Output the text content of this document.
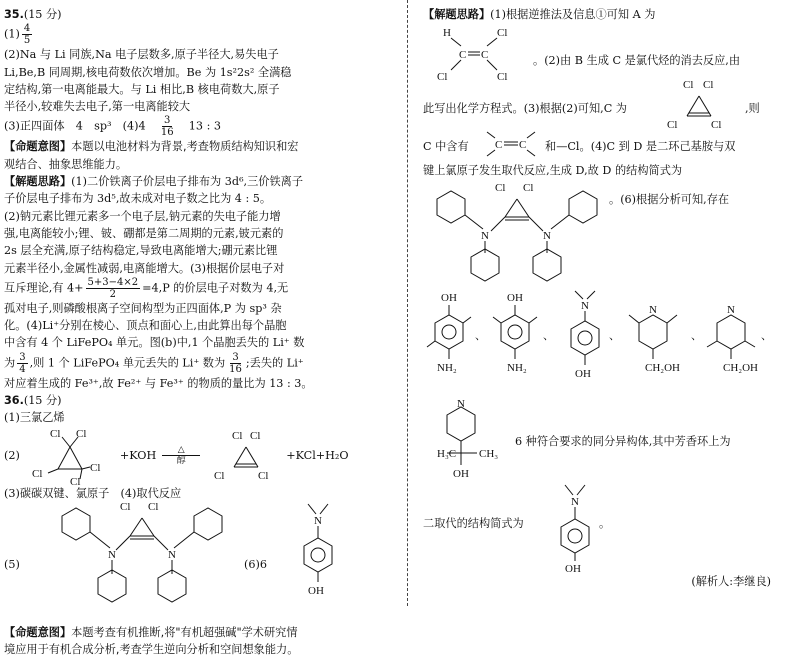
35.(15 分)

$(1) \frac{4}{5}$

(2)Na 与 Li 同族,Na 电子层数多,原子半径大,易失电子

Li,Be,B 同周期,核电荷数依次增加。Be 为 1s²2s² 全满稳

定结构,第一电离能最大。与 Li 相比,B 核电荷数大,原子

半径小,较难失去电子,第一电离能较大

(3)正四面体　4　sp³　(4)4　 $\frac{3}{16}$
　 13 : 3

【命题意图】本题以电池材料为背景,考查物质结构知识和宏

观结合、抽象思维能力。

【解题思路】(1)二价铁离子价层电子排布为 3d⁶,三价铁离子

子价层电子排布为 3d⁵,故未成对电子数之比为 4 : 5。

(2)钠元素比锂元素多一个电子层,钠元素的失电子能力增

强,电离能较小;锂、铍、硼都是第二周期的元素,铍元素的

2s 层全充满,原子结构稳定,导致电离能增大;硼元素比锂

元素半径小,金属性减弱,电离能增大。(3)根据价层电子对

互斥理论,有 $4+ \frac{5+3-4\times 2}{2} =4,P$ 的价层电子对数为 4,无

孤对电子,则磷酸根离子空间构型为正四面体,P 为 sp³ 杂

化。(4)Li⁺分别在棱心、顶点和面心上,由此算出每个晶胞

中含有 4 个 LiFePO₄ 单元。图(b)中,1 个晶胞丢失的 Li⁺ 数

为 $\frac{3}{4}$ ,则 1 个 LiFePO₄ 单元丢失的 Li⁺ 数为 $\frac{3}{16}$ ;丢失的 Li⁺

对应着生成的 Fe³⁺,故 Fe²⁺ 与 Fe³⁺ 的物质的量比为 13 : 3。

36.(15 分)

(1)三氯乙烯

(2)
Cl Cl
Cl	Cl
Cl
+KOH △
醇
Cl Cl
Cl	Cl
+KCl+H₂O

(3)碳碳双键、氯原子　(4)取代反应

(5)
Cl Cl
N	N
(6)6
N
OH

【命题意图】本题考查有机推断,将"有机超强碱"学术研究情

境应用于有机合成分析,考查学生逆向分析和空间想象能力。

【解题思路】(1)根据逆推法及信息①可知 A 为

H	Cl
Cl	Cl
C C	。(2)由 B 生成 C 是氯代烃的消去反应,由
此写出化学方程式。(3)根据(2)可知,C 为
Cl Cl
Cl	Cl
,则
C 中含有 C C 和—Cl。(4)C 到 D 是二环己基胺与双

键上氯原子发生取代反应,生成 D,故 D 的结构简式为

Cl Cl
N	N
。(6)根据分析可知,存在
OH
NH₂
、
OH
NH₂
、
N
OH
、
N
CH₂OH
、
N
CH₂OH
、
N
H₃C CH₃
OH
6 种符合要求的同分异构体,其中芳香环上为
二取代的结构简式为
N
OH
。

(解析人:李继良)
